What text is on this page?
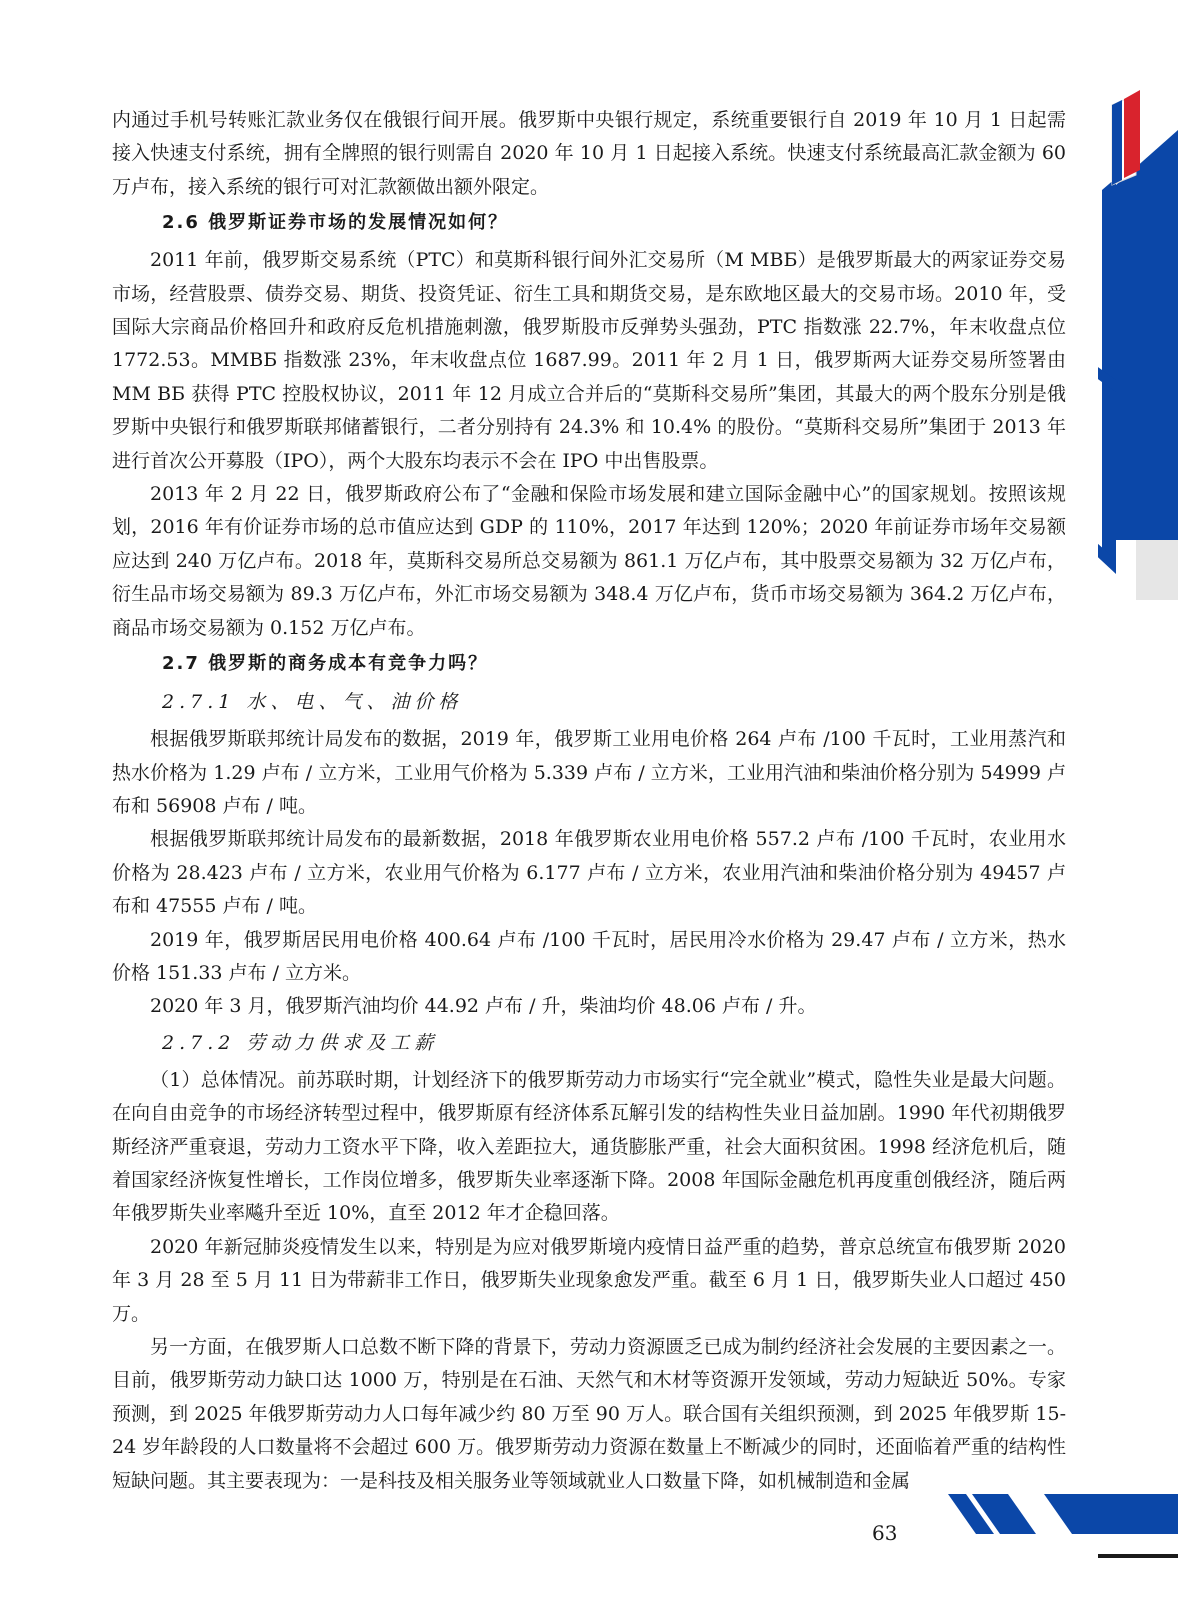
内通过手机号转账汇款业务仅在俄银行间开展。俄罗斯中央银行规定，系统重要银行自 2019 年 10 月 1 日起需接入快速支付系统，拥有全牌照的银行则需自 2020 年 10 月 1 日起接入系统。快速支付系统最高汇款金额为 60 万卢布，接入系统的银行可对汇款额做出额外限定。

2.6 俄罗斯证券市场的发展情况如何？

2011 年前，俄罗斯交易系统（PTC）和莫斯科银行间外汇交易所（M MBБ）是俄罗斯最大的两家证券交易市场，经营股票、债券交易、期货、投资凭证、衍生工具和期货交易，是东欧地区最大的交易市场。2010 年，受国际大宗商品价格回升和政府反危机措施刺激，俄罗斯股市反弹势头强劲，PTC 指数涨 22.7%，年末收盘点位 1772.53。MMBБ 指数涨 23%，年末收盘点位 1687.99。2011 年 2 月 1 日，俄罗斯两大证券交易所签署由 MM BБ 获得 PTC 控股权协议，2011 年 12 月成立合并后的“莫斯科交易所”集团，其最大的两个股东分别是俄罗斯中央银行和俄罗斯联邦储蓄银行，二者分别持有 24.3% 和 10.4% 的股份。“莫斯科交易所”集团于 2013 年进行首次公开募股（IPO），两个大股东均表示不会在 IPO 中出售股票。

2013 年 2 月 22 日，俄罗斯政府公布了“金融和保险市场发展和建立国际金融中心”的国家规划。按照该规划，2016 年有价证券市场的总市值应达到 GDP 的 110%，2017 年达到 120%；2020 年前证券市场年交易额应达到 240 万亿卢布。2018 年，莫斯科交易所总交易额为 861.1 万亿卢布，其中股票交易额为 32 万亿卢布，衍生品市场交易额为 89.3 万亿卢布，外汇市场交易额为 348.4 万亿卢布，货币市场交易额为 364.2 万亿卢布，商品市场交易额为 0.152 万亿卢布。

2.7 俄罗斯的商务成本有竞争力吗？
2.7.1 水、电、气、油价格

根据俄罗斯联邦统计局发布的数据，2019 年，俄罗斯工业用电价格 264 卢布 /100 千瓦时，工业用蒸汽和热水价格为 1.29 卢布 / 立方米，工业用气价格为 5.339 卢布 / 立方米，工业用汽油和柴油价格分别为 54999 卢布和 56908 卢布 / 吨。

根据俄罗斯联邦统计局发布的最新数据，2018 年俄罗斯农业用电价格 557.2 卢布 /100 千瓦时，农业用水价格为 28.423 卢布 / 立方米，农业用气价格为 6.177 卢布 / 立方米，农业用汽油和柴油价格分别为 49457 卢布和 47555 卢布 / 吨。

2019 年，俄罗斯居民用电价格 400.64 卢布 /100 千瓦时，居民用冷水价格为 29.47 卢布 / 立方米，热水价格 151.33 卢布 / 立方米。

2020 年 3 月，俄罗斯汽油均价 44.92 卢布 / 升，柴油均价 48.06 卢布 / 升。

2.7.2 劳动力供求及工薪

（1）总体情况。前苏联时期，计划经济下的俄罗斯劳动力市场实行“完全就业”模式，隐性失业是最大问题。在向自由竞争的市场经济转型过程中，俄罗斯原有经济体系瓦解引发的结构性失业日益加剧。1990 年代初期俄罗斯经济严重衰退，劳动力工资水平下降，收入差距拉大，通货膨胀严重，社会大面积贫困。1998 经济危机后，随着国家经济恢复性增长，工作岗位增多，俄罗斯失业率逐渐下降。2008 年国际金融危机再度重创俄经济，随后两年俄罗斯失业率飚升至近 10%，直至 2012 年才企稳回落。

2020 年新冠肺炎疫情发生以来，特别是为应对俄罗斯境内疫情日益严重的趋势，普京总统宣布俄罗斯 2020 年 3 月 28 至 5 月 11 日为带薪非工作日，俄罗斯失业现象愈发严重。截至 6 月 1 日，俄罗斯失业人口超过 450 万。

另一方面，在俄罗斯人口总数不断下降的背景下，劳动力资源匮乏已成为制约经济社会发展的主要因素之一。目前，俄罗斯劳动力缺口达 1000 万，特别是在石油、天然气和木材等资源开发领域，劳动力短缺近 50%。专家预测，到 2025 年俄罗斯劳动力人口每年减少约 80 万至 90 万人。联合国有关组织预测，到 2025 年俄罗斯 15-24 岁年龄段的人口数量将不会超过 600 万。俄罗斯劳动力资源在数量上不断减少的同时，还面临着严重的结构性短缺问题。其主要表现为：一是科技及相关服务业等领域就业人口数量下降，如机械制造和金属

63
